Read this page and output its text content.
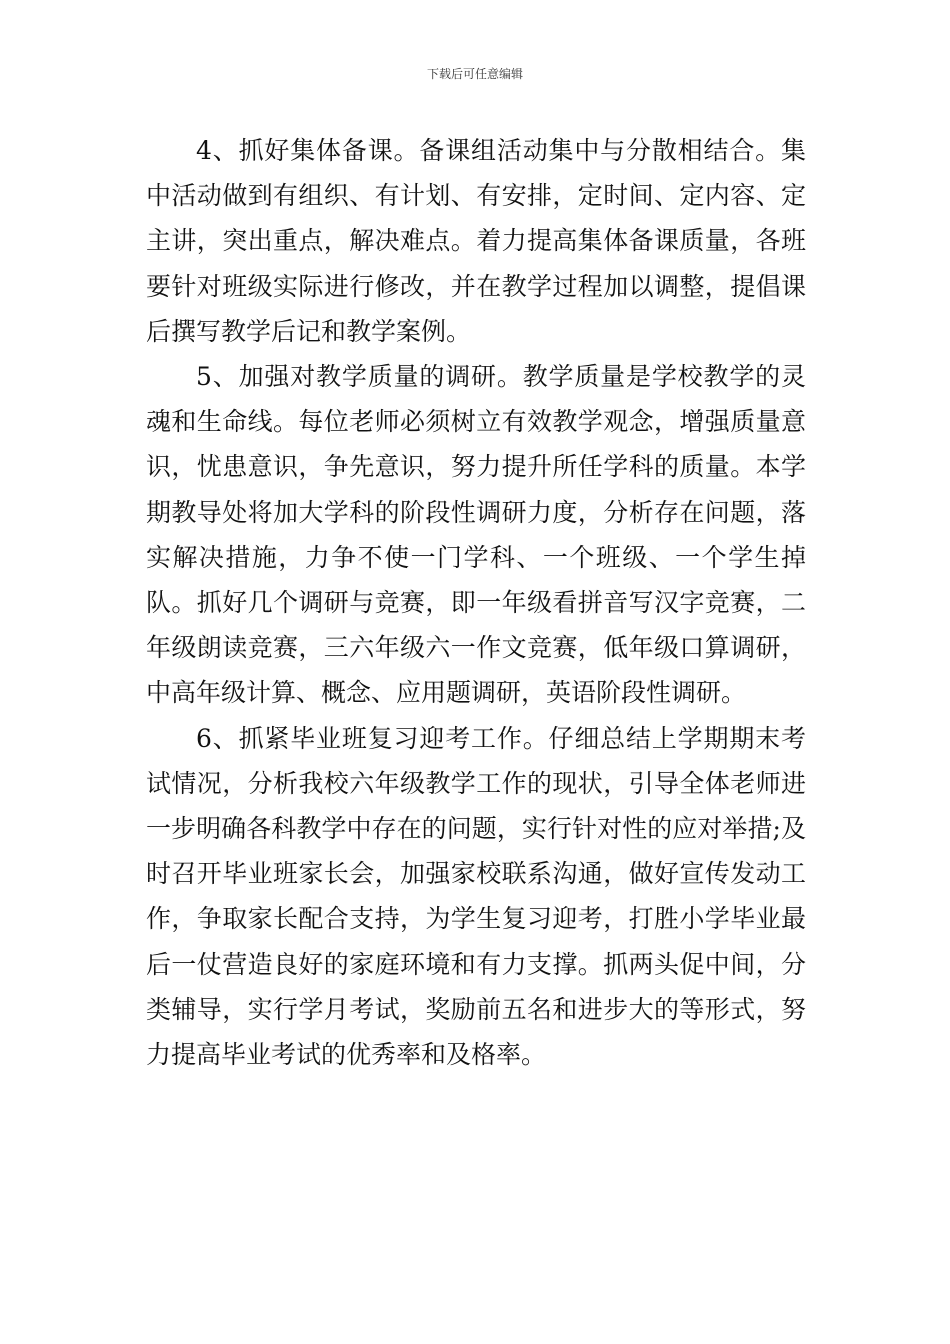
下载后可任意编辑

4、抓好集体备课。备课组活动集中与分散相结合。集中活动做到有组织、有计划、有安排，定时间、定内容、定主讲，突出重点，解决难点。着力提高集体备课质量，各班要针对班级实际进行修改，并在教学过程加以调整，提倡课后撰写教学后记和教学案例。

5、加强对教学质量的调研。教学质量是学校教学的灵魂和生命线。每位老师必须树立有效教学观念，增强质量意识，忧患意识，争先意识，努力提升所任学科的质量。本学期教导处将加大学科的阶段性调研力度，分析存在问题，落实解决措施，力争不使一门学科、一个班级、一个学生掉队。抓好几个调研与竞赛，即一年级看拼音写汉字竞赛，二年级朗读竞赛，三六年级六一作文竞赛，低年级口算调研，中高年级计算、概念、应用题调研，英语阶段性调研。

6、抓紧毕业班复习迎考工作。仔细总结上学期期末考试情况，分析我校六年级教学工作的现状，引导全体老师进一步明确各科教学中存在的问题，实行针对性的应对举措;及时召开毕业班家长会，加强家校联系沟通，做好宣传发动工作，争取家长配合支持，为学生复习迎考，打胜小学毕业最后一仗营造良好的家庭环境和有力支撑。抓两头促中间，分类辅导，实行学月考试，奖励前五名和进步大的等形式，努力提高毕业考试的优秀率和及格率。
